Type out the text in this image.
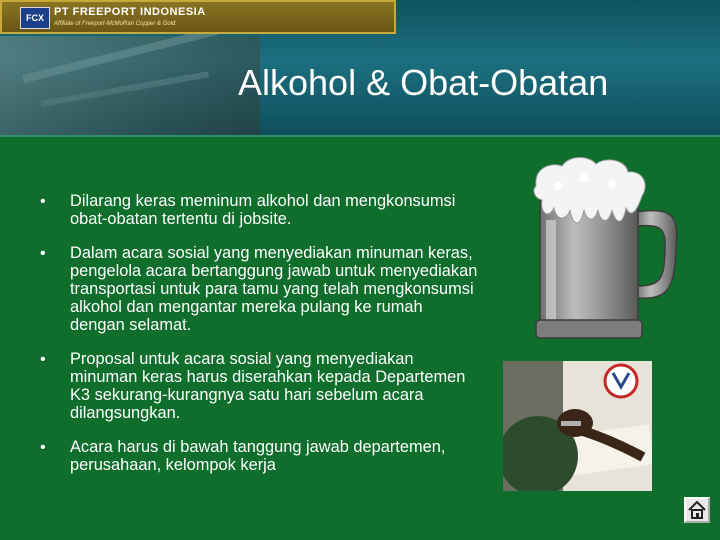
FCX PT FREEPORT INDONESIA
Affiliate of Freeport-McMoRan Copper & Gold
Alkohol & Obat-Obatan
• Dilarang keras meminum alkohol dan mengkonsumsi obat-obatan tertentu di jobsite.
• Dalam acara sosial yang menyediakan minuman keras, pengelola acara bertanggung jawab untuk menyediakan transportasi untuk para tamu yang telah mengkonsumsi alkohol dan mengantar mereka pulang ke rumah dengan selamat.
• Proposal untuk acara sosial yang menyediakan minuman keras harus diserahkan kepada Departemen K3 sekurang-kurangnya satu hari sebelum acara dilangsungkan.
• Acara harus di bawah tanggung jawab departemen, perusahaan, kelompok kerja
